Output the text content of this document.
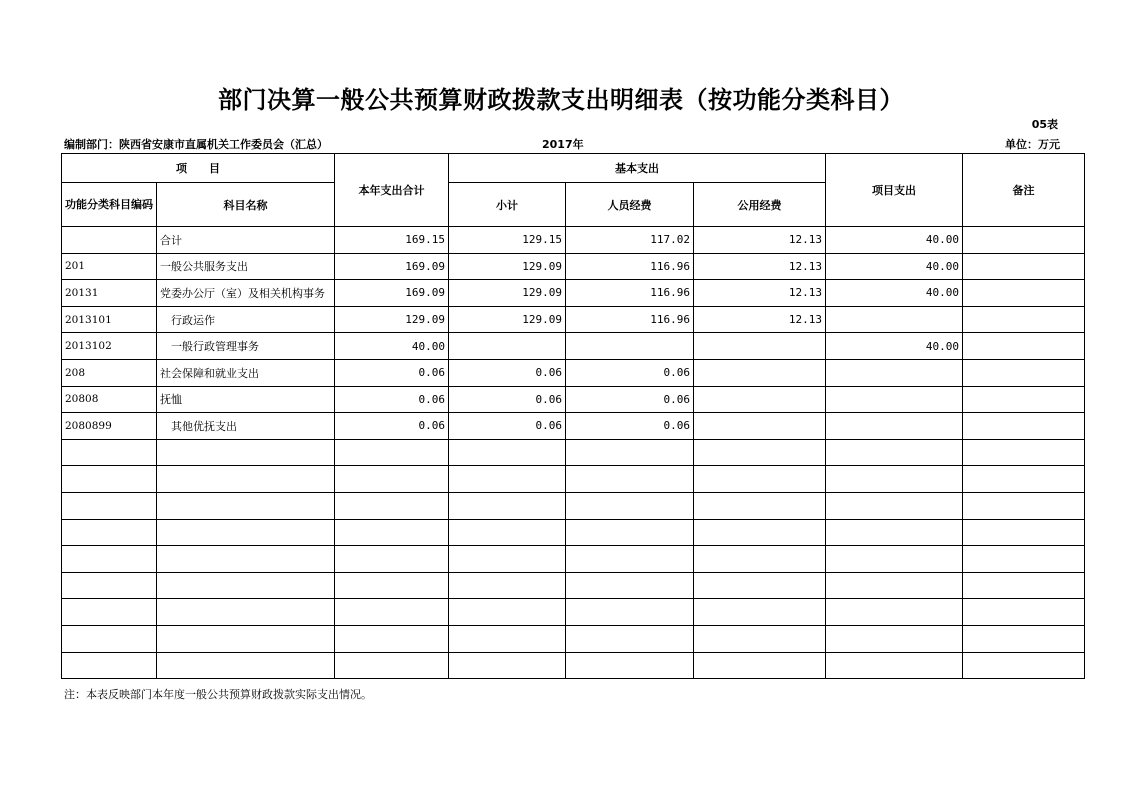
部门决算一般公共预算财政拨款支出明细表（按功能分类科目）
05表
编制部门：陕西省安康市直属机关工作委员会（汇总）	2017年	单位：万元
项　　目		本年支出合计	基本支出			项目支出	备注
功能分类科目编码	科目名称		小计	人员经费	公用经费		
	合计	169.15	129.15	117.02	12.13	40.00	
201	一般公共服务支出	169.09	129.09	116.96	12.13	40.00	
20131	党委办公厅（室）及相关机构事务	169.09	129.09	116.96	12.13	40.00	
2013101	行政运作	129.09	129.09	116.96	12.13		
2013102	一般行政管理事务	40.00				40.00	
208	社会保障和就业支出	0.06	0.06	0.06			
20808	抚恤	0.06	0.06	0.06			
2080899	其他优抚支出	0.06	0.06	0.06			

注：本表反映部门本年度一般公共预算财政拨款实际支出情况。
